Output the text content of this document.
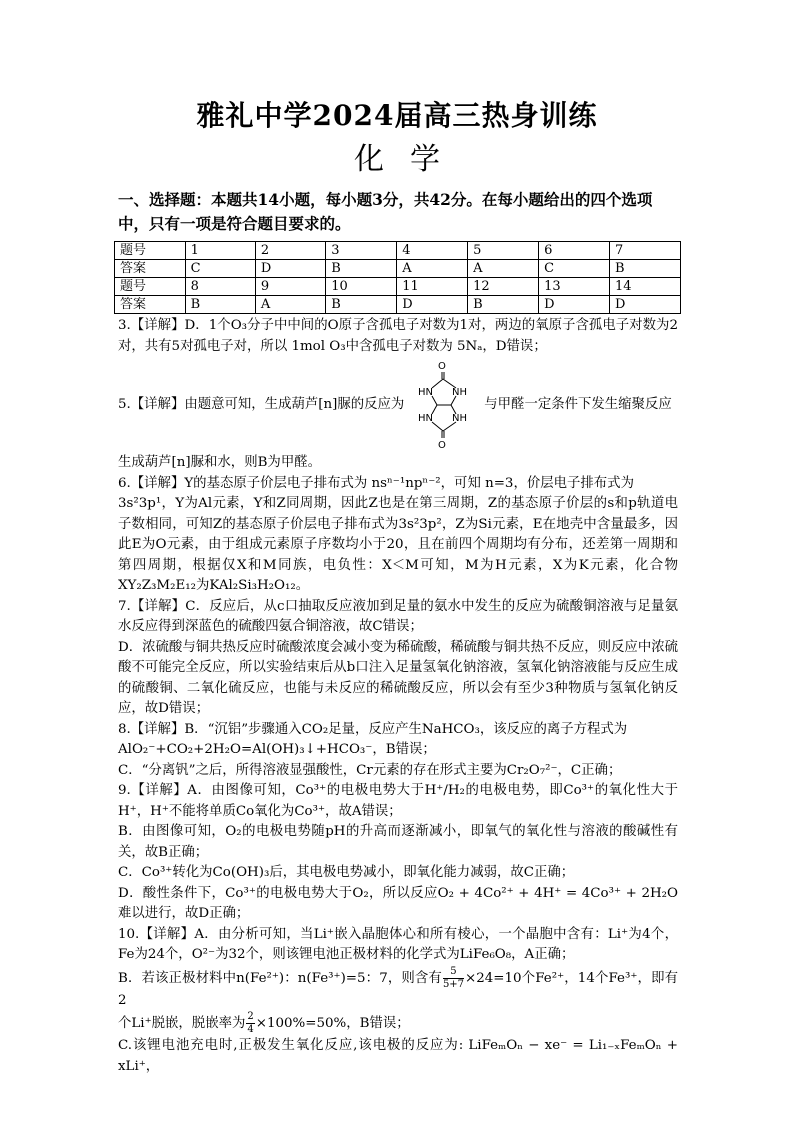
雅礼中学2024届高三热身训练
化学
一、选择题：本题共14小题，每小题3分，共42分。在每小题给出的四个选项中，只有一项是符合题目要求的。
题号	1	2	3	4	5	6	7
答案	C	D	B	A	A	C	B
题号	8	9	10	11	12	13	14
答案	B	A	B	D	B	D	D

3.【详解】D．1个O₃分子中中间的O原子含孤电子对数为1对，两边的氧原子含孤电子对数为2对，共有5对孤电子对，所以 1mol O₃中含孤电子对数为 5Nₐ，D错误；

5.【详解】由题意可知，生成葫芦[n]脲的反应为
O
HN NH
HN NH
O
与甲醛一定条件下发生缩聚反应

生成葫芦[n]脲和水，则B为甲醛。

6.【详解】Y的基态原子价层电子排布式为 nsⁿ⁻¹npⁿ⁻²，可知 n=3，价层电子排布式为

3s²3p¹，Y为Al元素，Y和Z同周期，因此Z也是在第三周期，Z的基态原子价层的s和p轨道电子数相同，可知Z的基态原子价层电子排布式为3s²3p²，Z为Si元素，E在地壳中含量最多，因此E为O元素，由于组成元素原子序数均小于20，且在前四个周期均有分布，还差第一周期和第四周期，根据仅X和M同族，电负性：X＜M可知，M为H元素，X为K元素，化合物XY₂Z₃M₂E₁₂为KAl₂Si₃H₂O₁₂。

7.【详解】C．反应后，从c口抽取反应液加到足量的氨水中发生的反应为硫酸铜溶液与足量氨水反应得到深蓝色的硫酸四氨合铜溶液，故C错误；

D．浓硫酸与铜共热反应时硫酸浓度会减小变为稀硫酸，稀硫酸与铜共热不反应，则反应中浓硫酸不可能完全反应，所以实验结束后从b口注入足量氢氧化钠溶液，氢氧化钠溶液能与反应生成的硫酸铜、二氧化硫反应，也能与未反应的稀硫酸反应，所以会有至少3种物质与氢氧化钠反应，故D错误；

8.【详解】B．“沉铝”步骤通入CO₂足量，反应产生NaHCO₃，该反应的离子方程式为

AlO₂⁻+CO₂+2H₂O=Al(OH)₃↓+HCO₃⁻，B错误；

C．“分离钒”之后，所得溶液显强酸性，Cr元素的存在形式主要为Cr₂O₇²⁻，C正确；

9.【详解】A．由图像可知，Co³⁺的电极电势大于H⁺/H₂的电极电势，即Co³⁺的氧化性大于H⁺，H⁺不能将单质Co氧化为Co³⁺，故A错误；

B．由图像可知，O₂的电极电势随pH的升高而逐渐减小，即氧气的氧化性与溶液的酸碱性有关，故B正确；

C．Co³⁺转化为Co(OH)₃后，其电极电势减小，即氧化能力减弱，故C正确；

D．酸性条件下，Co³⁺的电极电势大于O₂，所以反应O₂ + 4Co²⁺ + 4H⁺ = 4Co³⁺ + 2H₂O难以进行，故D正确；

10.【详解】A．由分析可知，当Li⁺嵌入晶胞体心和所有棱心，一个晶胞中含有：Li⁺为4个，Fe为24个，O²⁻为32个，则该锂电池正极材料的化学式为LiFe₆O₈，A正确；

B．若该正极材料中n(Fe²⁺)：n(Fe³⁺)=5：7，则含有 $\frac{5}{5+7} \times 24=10$个Fe²⁺，14个Fe³⁺，即有2

个Li⁺脱嵌，脱嵌率为 $\frac{2}{4} \times 100\%=50\%$，B错误；

C.该锂电池充电时,正极发生氧化反应,该电极的反应为: LiFeₘOₙ − xe⁻ = Li₁₋ₓFeₘOₙ + xLi⁺，
